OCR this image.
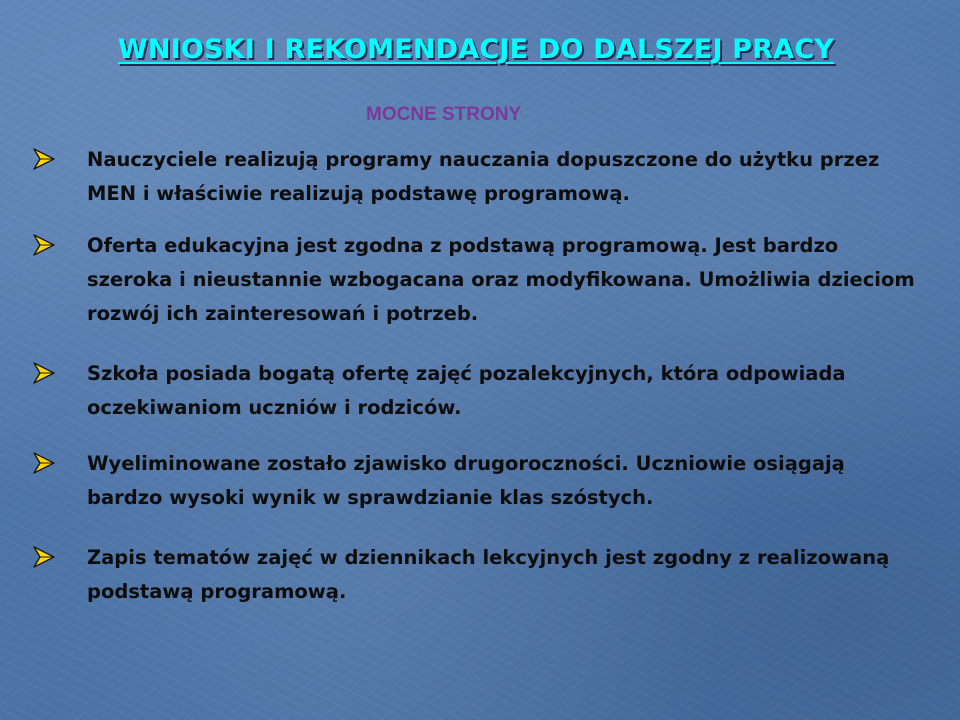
WNIOSKI I REKOMENDACJE DO DALSZEJ PRACY
MOCNE STRONY

Nauczyciele realizują programy nauczania dopuszczone do użytku przez MEN i właściwie realizują podstawę programową.

Oferta edukacyjna jest zgodna z podstawą programową. Jest bardzo szeroka i nieustannie wzbogacana oraz modyfikowana. Umożliwia dzieciom rozwój ich zainteresowań i potrzeb.

Szkoła posiada bogatą ofertę zajęć pozalekcyjnych, która odpowiada oczekiwaniom uczniów i rodziców.

Wyeliminowane zostało zjawisko drugoroczności. Uczniowie osiągają bardzo wysoki wynik w sprawdzianie klas szóstych.

Zapis tematów zajęć w dziennikach lekcyjnych jest zgodny z realizowaną podstawą programową.
